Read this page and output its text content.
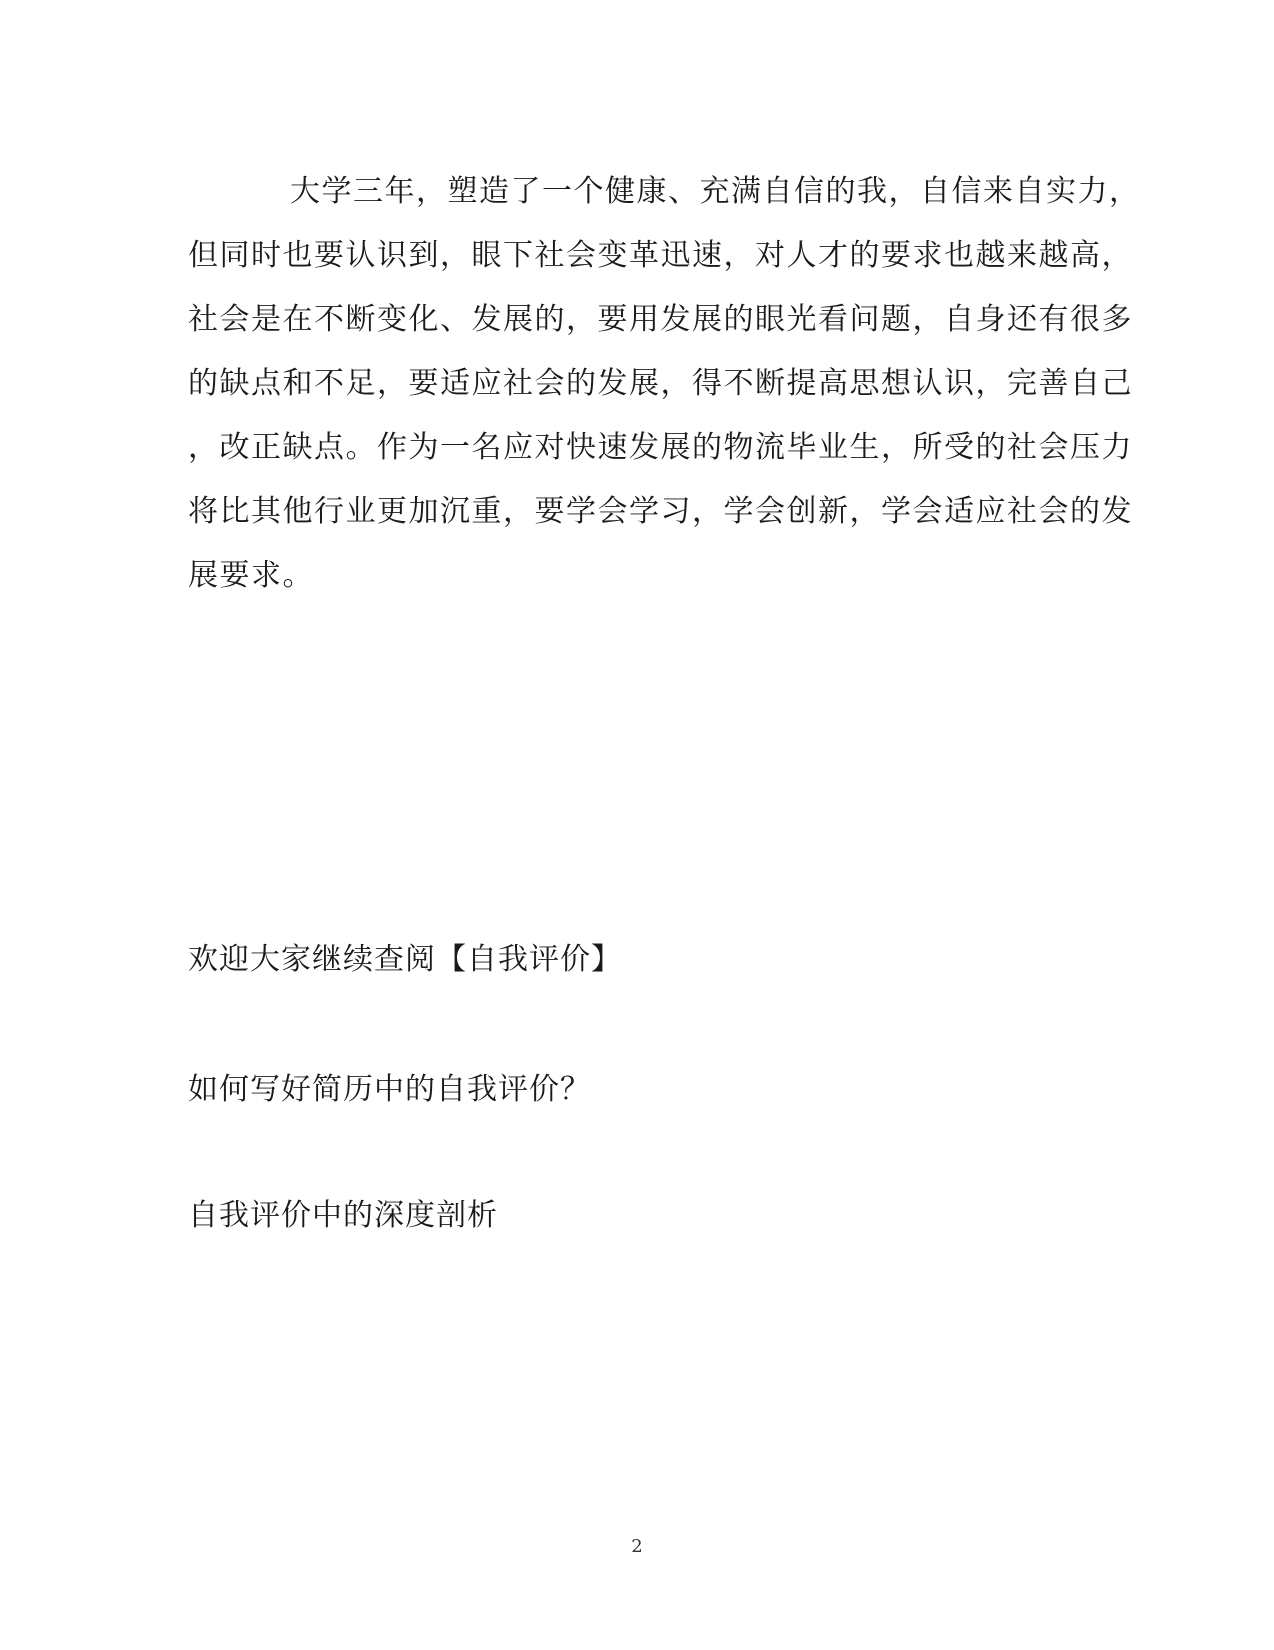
大学三年，塑造了一个健康、充满自信的我，自信来自实力，
但同时也要认识到，眼下社会变革迅速，对人才的要求也越来越高，
社会是在不断变化、发展的，要用发展的眼光看问题，自身还有很多
的缺点和不足，要适应社会的发展，得不断提高思想认识，完善自己
，改正缺点。作为一名应对快速发展的物流毕业生，所受的社会压力
将比其他行业更加沉重，要学会学习，学会创新，学会适应社会的发
展要求。
欢迎大家继续查阅【自我评价】
如何写好简历中的自我评价？
自我评价中的深度剖析
2
